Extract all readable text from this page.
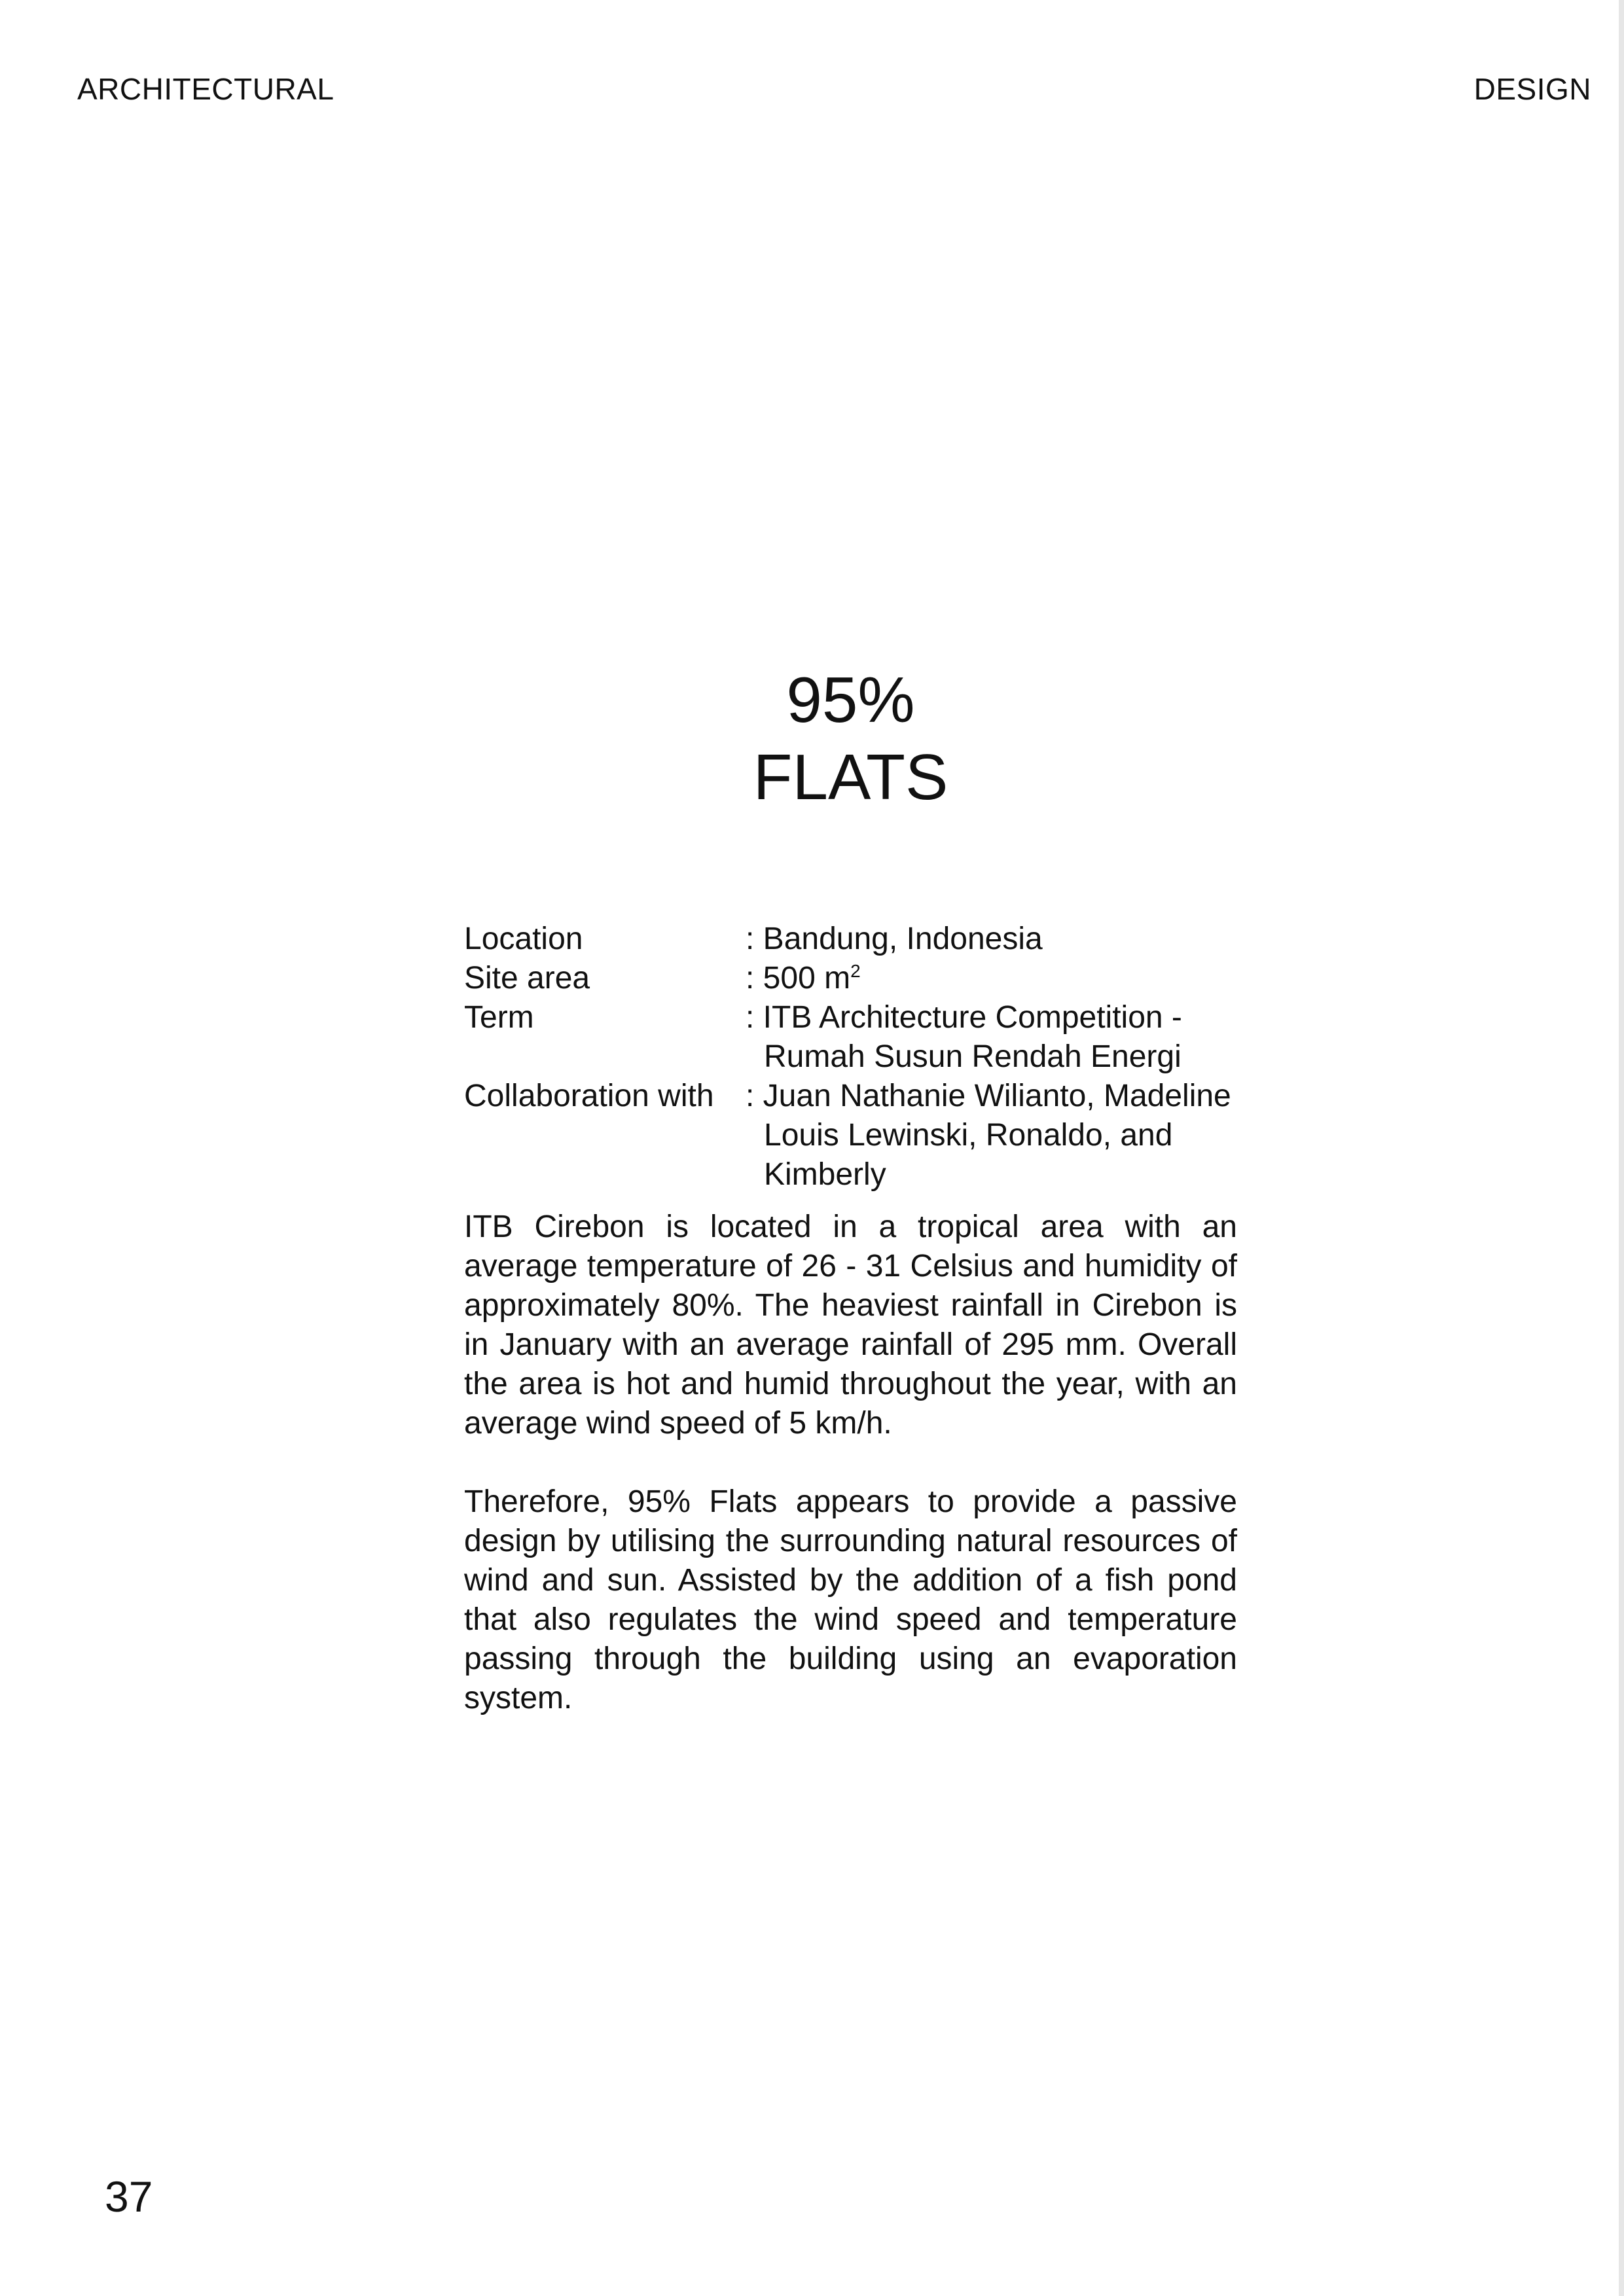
ARCHITECTURAL	DESIGN
95%
FLATS
Location	: Bandung, Indonesia
Site area	: 500 $m^2$
Term	: ITB Architecture Competition -
Rumah Susun Rendah Energi
Collaboration with	: Juan Nathanie Wilianto, Madeline
Louis Lewinski, Ronaldo, and
Kimberly

ITB Cirebon is located in a tropical area with an average temperature of 26 - 31 Celsius and humidity of approximately 80%. The heaviest rainfall in Cirebon is in January with an average rainfall of 295 mm. Overall the area is hot and humid throughout the year, with an average wind speed of 5 km/h.

Therefore, 95% Flats appears to provide a passive design by utilising the surrounding natural resources of wind and sun. Assisted by the addition of a fish pond that also regulates the wind speed and temperature passing through the building using an evaporation system.

37
